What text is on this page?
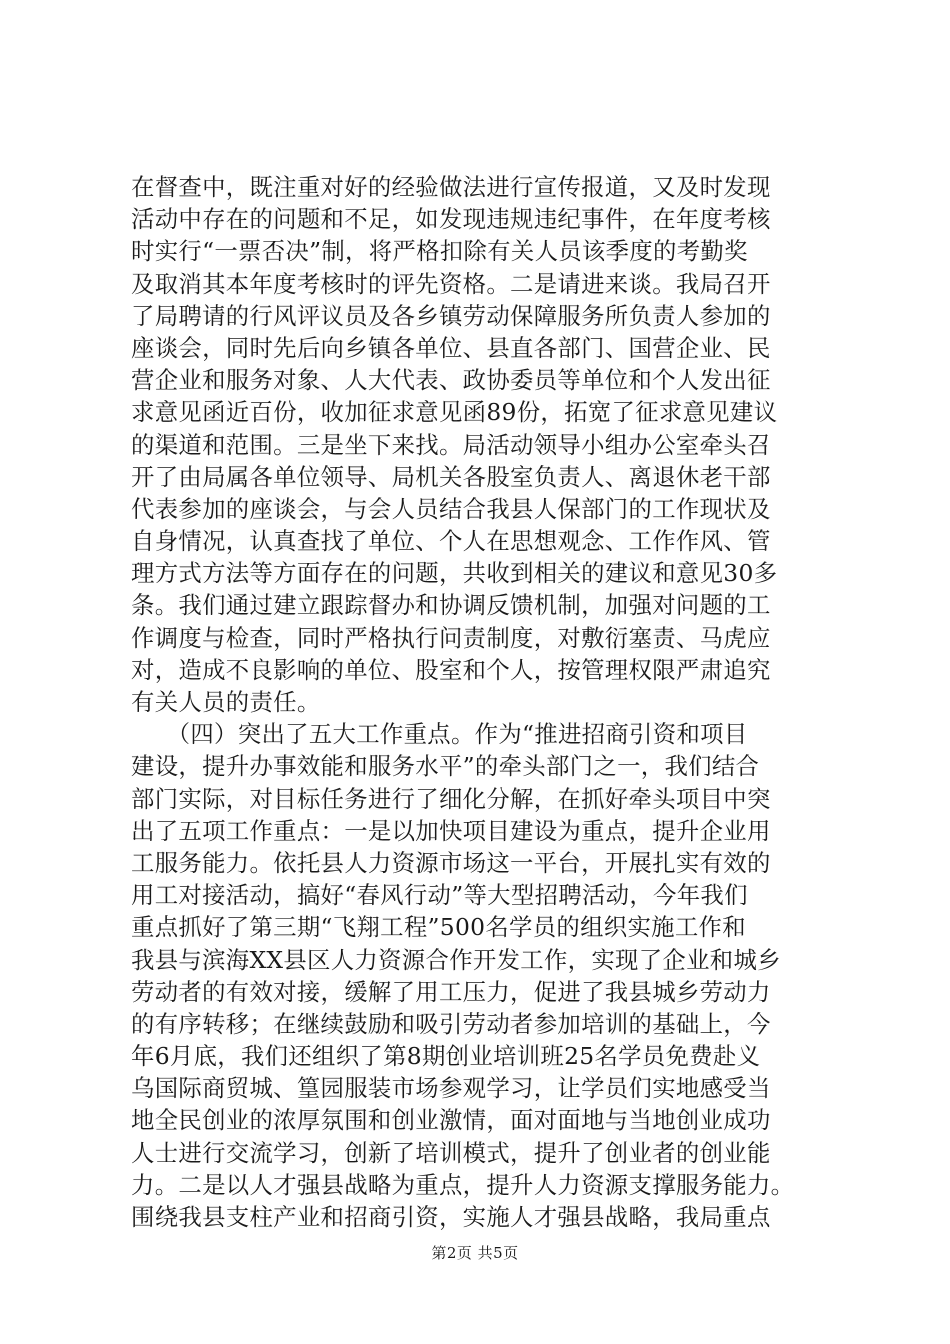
在督查中，既注重对好的经验做法进行宣传报道，又及时发现
活动中存在的问题和不足，如发现违规违纪事件，在年度考核
时实行“一票否决”制，将严格扣除有关人员该季度的考勤奖
及取消其本年度考核时的评先资格。二是请进来谈。我局召开
了局聘请的行风评议员及各乡镇劳动保障服务所负责人参加的
座谈会，同时先后向乡镇各单位、县直各部门、国营企业、民
营企业和服务对象、人大代表、政协委员等单位和个人发出征
求意见函近百份，收加征求意见函89份，拓宽了征求意见建议
的渠道和范围。三是坐下来找。局活动领导小组办公室牵头召
开了由局属各单位领导、局机关各股室负责人、离退休老干部
代表参加的座谈会，与会人员结合我县人保部门的工作现状及
自身情况，认真查找了单位、个人在思想观念、工作作风、管
理方式方法等方面存在的问题，共收到相关的建议和意见30多
条。我们通过建立跟踪督办和协调反馈机制，加强对问题的工
作调度与检查，同时严格执行问责制度，对敷衍塞责、马虎应
对，造成不良影响的单位、股室和个人，按管理权限严肃追究
有关人员的责任。
　　（四）突出了五大工作重点。作为“推进招商引资和项目
建设，提升办事效能和服务水平”的牵头部门之一，我们结合
部门实际，对目标任务进行了细化分解，在抓好牵头项目中突
出了五项工作重点：一是以加快项目建设为重点，提升企业用
工服务能力。依托县人力资源市场这一平台，开展扎实有效的
用工对接活动，搞好“春风行动”等大型招聘活动，今年我们
重点抓好了第三期“飞翔工程”500名学员的组织实施工作和
我县与滨海XX县区人力资源合作开发工作，实现了企业和城乡
劳动者的有效对接，缓解了用工压力，促进了我县城乡劳动力
的有序转移；在继续鼓励和吸引劳动者参加培训的基础上，今
年6月底，我们还组织了第8期创业培训班25名学员免费赴义
乌国际商贸城、篁园服装市场参观学习，让学员们实地感受当
地全民创业的浓厚氛围和创业激情，面对面地与当地创业成功
人士进行交流学习，创新了培训模式，提升了创业者的创业能
力。二是以人才强县战略为重点，提升人力资源支撑服务能力。
围绕我县支柱产业和招商引资，实施人才强县战略，我局重点
第2页 共5页
